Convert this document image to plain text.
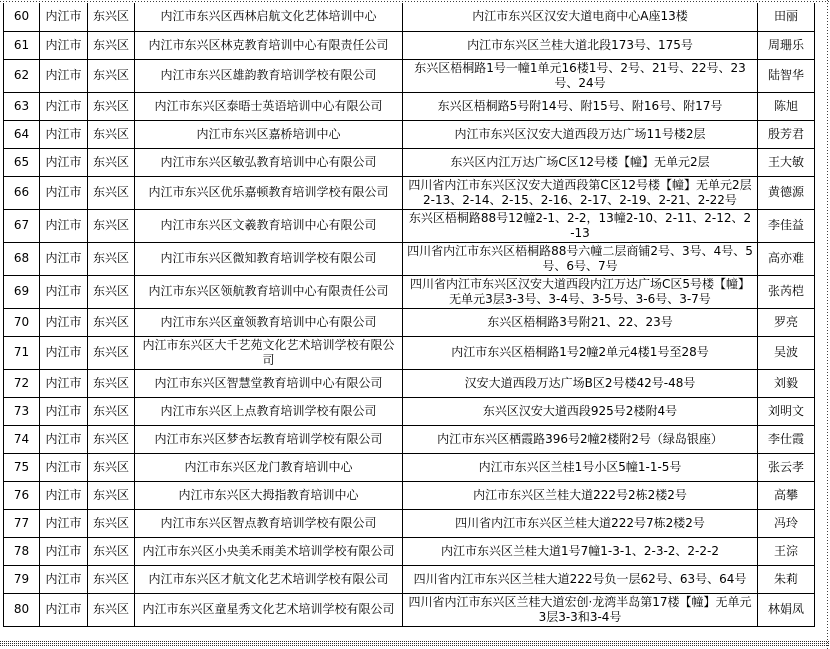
60	内江市	东兴区	内江市东兴区西林启航文化艺体培训中心	内江市东兴区汉安大道电商中心A座13楼	田丽
61	内江市	东兴区	内江市东兴区林克教育培训中心有限责任公司	内江市东兴区兰桂大道北段173号、175号	周珊乐
62	内江市	东兴区	内江市东兴区雄韵教育培训学校有限公司	东兴区梧桐路1号一幢1单元16楼1号、2号、21号、22号、23号、24号	陆智华
63	内江市	东兴区	内江市东兴区泰晤士英语培训中心有限公司	东兴区梧桐路5号附14号、附15号、附16号、附17号	陈旭
64	内江市	东兴区	内江市东兴区嘉桥培训中心	内江市东兴区汉安大道西段万达广场11号楼2层	殷芳君
65	内江市	东兴区	内江市东兴区敏弘教育培训中心有限公司	东兴区内江万达广场C区12号楼【幢】无单元2层	王大敏
66	内江市	东兴区	内江市东兴区优乐嘉顿教育培训学校有限公司	四川省内江市东兴区汉安大道西段第C区12号楼【幢】无单元2层2-13、2-14、2-15、2-16、2-17、2-19、2-21、2-22号	黄德源
67	内江市	东兴区	内江市东兴区文羲教育培训中心有限公司	东兴区梧桐路88号12幢2-1、2-2，13幢2-10、2-11、2-12、2-13	李佳益
68	内江市	东兴区	内江市东兴区微知教育培训学校有限公司	四川省内江市东兴区梧桐路88号六幢二层商铺2号、3号、4号、5号、6号、7号	高亦难
69	内江市	东兴区	内江市东兴区领航教育培训中心有限责任公司	四川省内江市东兴区汉安大道西段内江万达广场C区5号楼【幢】无单元3层3-3号、3-4号、3-5号、3-6号、3-7号	张芮桤
70	内江市	东兴区	内江市东兴区童领教育培训中心有限公司	东兴区梧桐路3号附21、22、23号	罗亮
71	内江市	东兴区	内江市东兴区大千艺苑文化艺术培训学校有限公司	内江市东兴区梧桐路1号2幢2单元4楼1号至28号	吴波
72	内江市	东兴区	内江市东兴区智慧堂教育培训中心有限公司	汉安大道西段万达广场B区2号楼42号-48号	刘毅
73	内江市	东兴区	内江市东兴区上点教育培训学校有限公司	东兴区汉安大道西段925号2楼附4号	刘明文
74	内江市	东兴区	内江市东兴区梦杏坛教育培训学校有限公司	内江市东兴区栖霞路396号2幢2楼附2号（绿岛银座）	李仕霞
75	内江市	东兴区	内江市东兴区龙门教育培训中心	内江市东兴区兰桂1号小区5幢1-1-5号	张云孝
76	内江市	东兴区	内江市东兴区大拇指教育培训中心	内江市东兴区兰桂大道222号2栋2楼2号	高攀
77	内江市	东兴区	内江市东兴区智点教育培训学校有限公司	四川省内江市东兴区兰桂大道222号7栋2楼2号	冯玲
78	内江市	东兴区	内江市东兴区小央美禾雨美术培训学校有限公司	内江市东兴区兰桂大道1号7幢1-3-1、2-3-2、2-2-2	王淙
79	内江市	东兴区	内江市东兴区才航文化艺术培训学校有限公司	四川省内江市东兴区兰桂大道222号负一层62号、63号、64号	朱莉
80	内江市	东兴区	内江市东兴区童星秀文化艺术培训学校有限公司	四川省内江市东兴区兰桂大道宏创·龙湾半岛第17楼【幢】无单元3层3-3和3-4号	林娟凤
